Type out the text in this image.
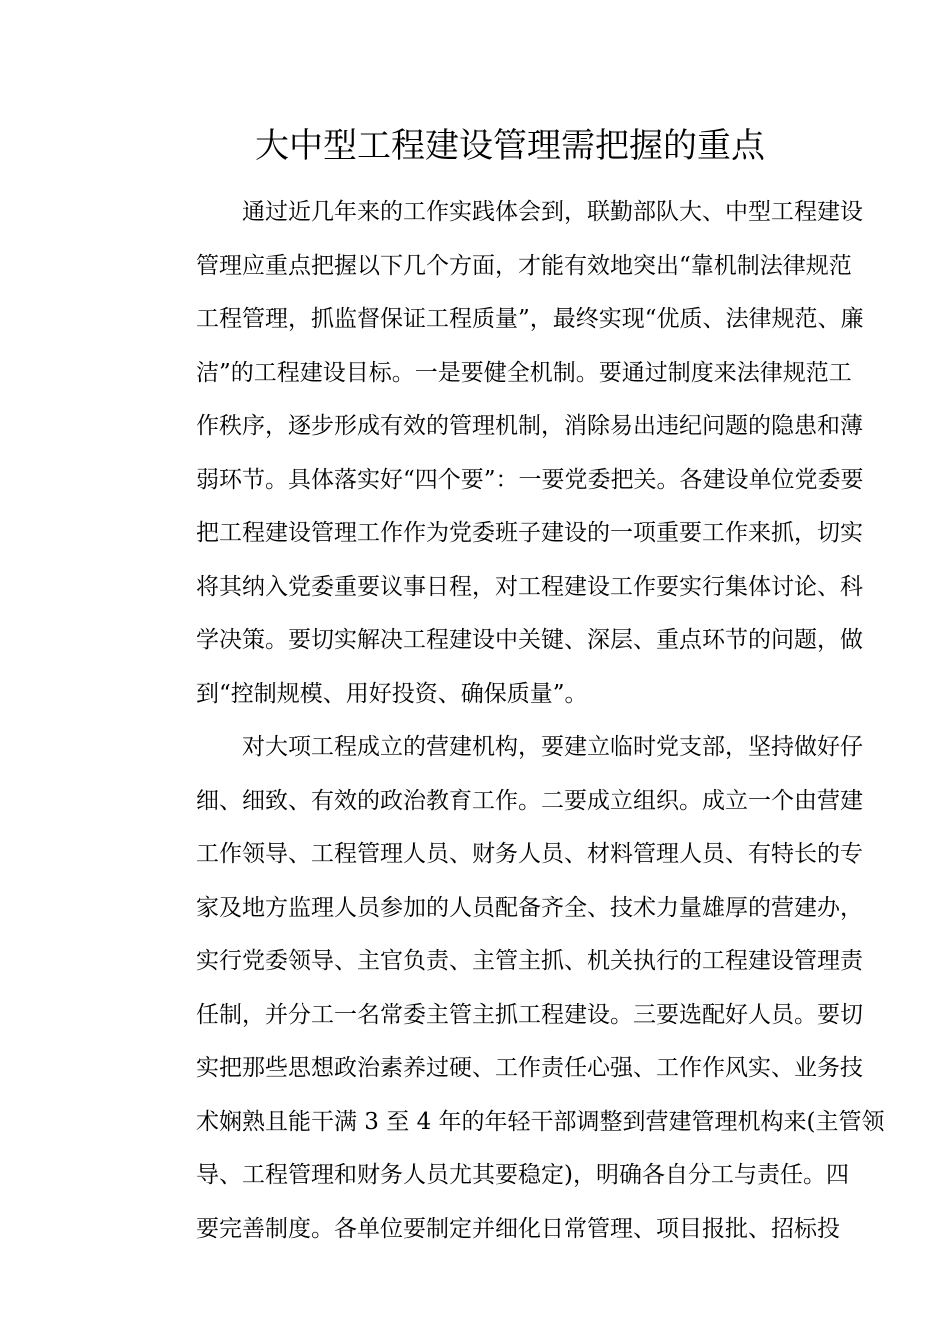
大中型工程建设管理需把握的重点
通过近几年来的工作实践体会到，联勤部队大、中型工程建设
管理应重点把握以下几个方面，才能有效地突出“靠机制法律规范
工程管理，抓监督保证工程质量”，最终实现“优质、法律规范、廉
洁”的工程建设目标。一是要健全机制。要通过制度来法律规范工
作秩序，逐步形成有效的管理机制，消除易出违纪问题的隐患和薄
弱环节。具体落实好“四个要”：一要党委把关。各建设单位党委要
把工程建设管理工作作为党委班子建设的一项重要工作来抓，切实
将其纳入党委重要议事日程，对工程建设工作要实行集体讨论、科
学决策。要切实解决工程建设中关键、深层、重点环节的问题，做
到“控制规模、用好投资、确保质量”。
对大项工程成立的营建机构，要建立临时党支部，坚持做好仔
细、细致、有效的政治教育工作。二要成立组织。成立一个由营建
工作领导、工程管理人员、财务人员、材料管理人员、有特长的专
家及地方监理人员参加的人员配备齐全、技术力量雄厚的营建办，
实行党委领导、主官负责、主管主抓、机关执行的工程建设管理责
任制，并分工一名常委主管主抓工程建设。三要选配好人员。要切
实把那些思想政治素养过硬、工作责任心强、工作作风实、业务技
术娴熟且能干满 3 至 4 年的年轻干部调整到营建管理机构来(主管领
导、工程管理和财务人员尤其要稳定)，明确各自分工与责任。四
要完善制度。各单位要制定并细化日常管理、项目报批、招标投
